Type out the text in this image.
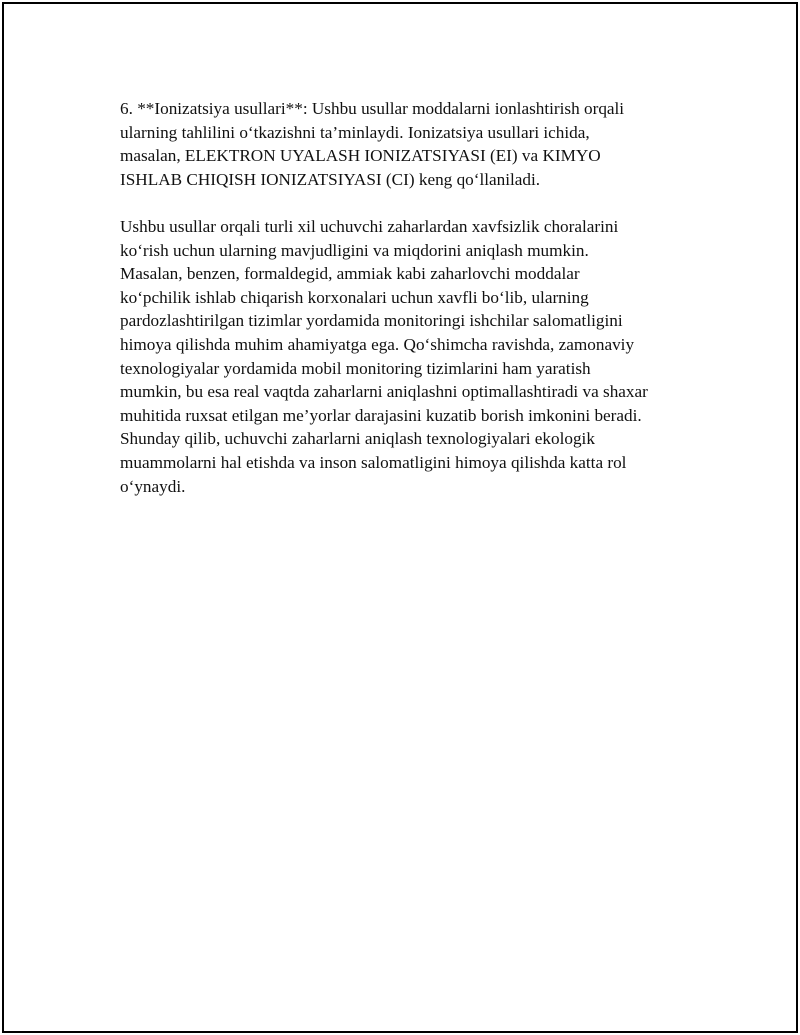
6. **Ionizatsiya usullari**: Ushbu usullar moddalarni ionlashtirish orqali
ularning tahlilini o‘tkazishni ta’minlaydi. Ionizatsiya usullari ichida,
masalan, ELEKTRON UYALASH IONIZATSIYASI (EI) va KIMYO
ISHLAB CHIQISH IONIZATSIYASI (CI) keng qo‘llaniladi.

Ushbu usullar orqali turli xil uchuvchi zaharlardan xavfsizlik choralarini
ko‘rish uchun ularning mavjudligini va miqdorini aniqlash mumkin.
Masalan, benzen, formaldegid, ammiak kabi zaharlovchi moddalar
ko‘pchilik ishlab chiqarish korxonalari uchun xavfli bo‘lib, ularning
pardozlashtirilgan tizimlar yordamida monitoringi ishchilar salomatligini
himoya qilishda muhim ahamiyatga ega. Qo‘shimcha ravishda, zamonaviy
texnologiyalar yordamida mobil monitoring tizimlarini ham yaratish
mumkin, bu esa real vaqtda zaharlarni aniqlashni optimallashtiradi va shaxar
muhitida ruxsat etilgan me’yorlar darajasini kuzatib borish imkonini beradi.
Shunday qilib, uchuvchi zaharlarni aniqlash texnologiyalari ekologik
muammolarni hal etishda va inson salomatligini himoya qilishda katta rol
o‘ynaydi.
